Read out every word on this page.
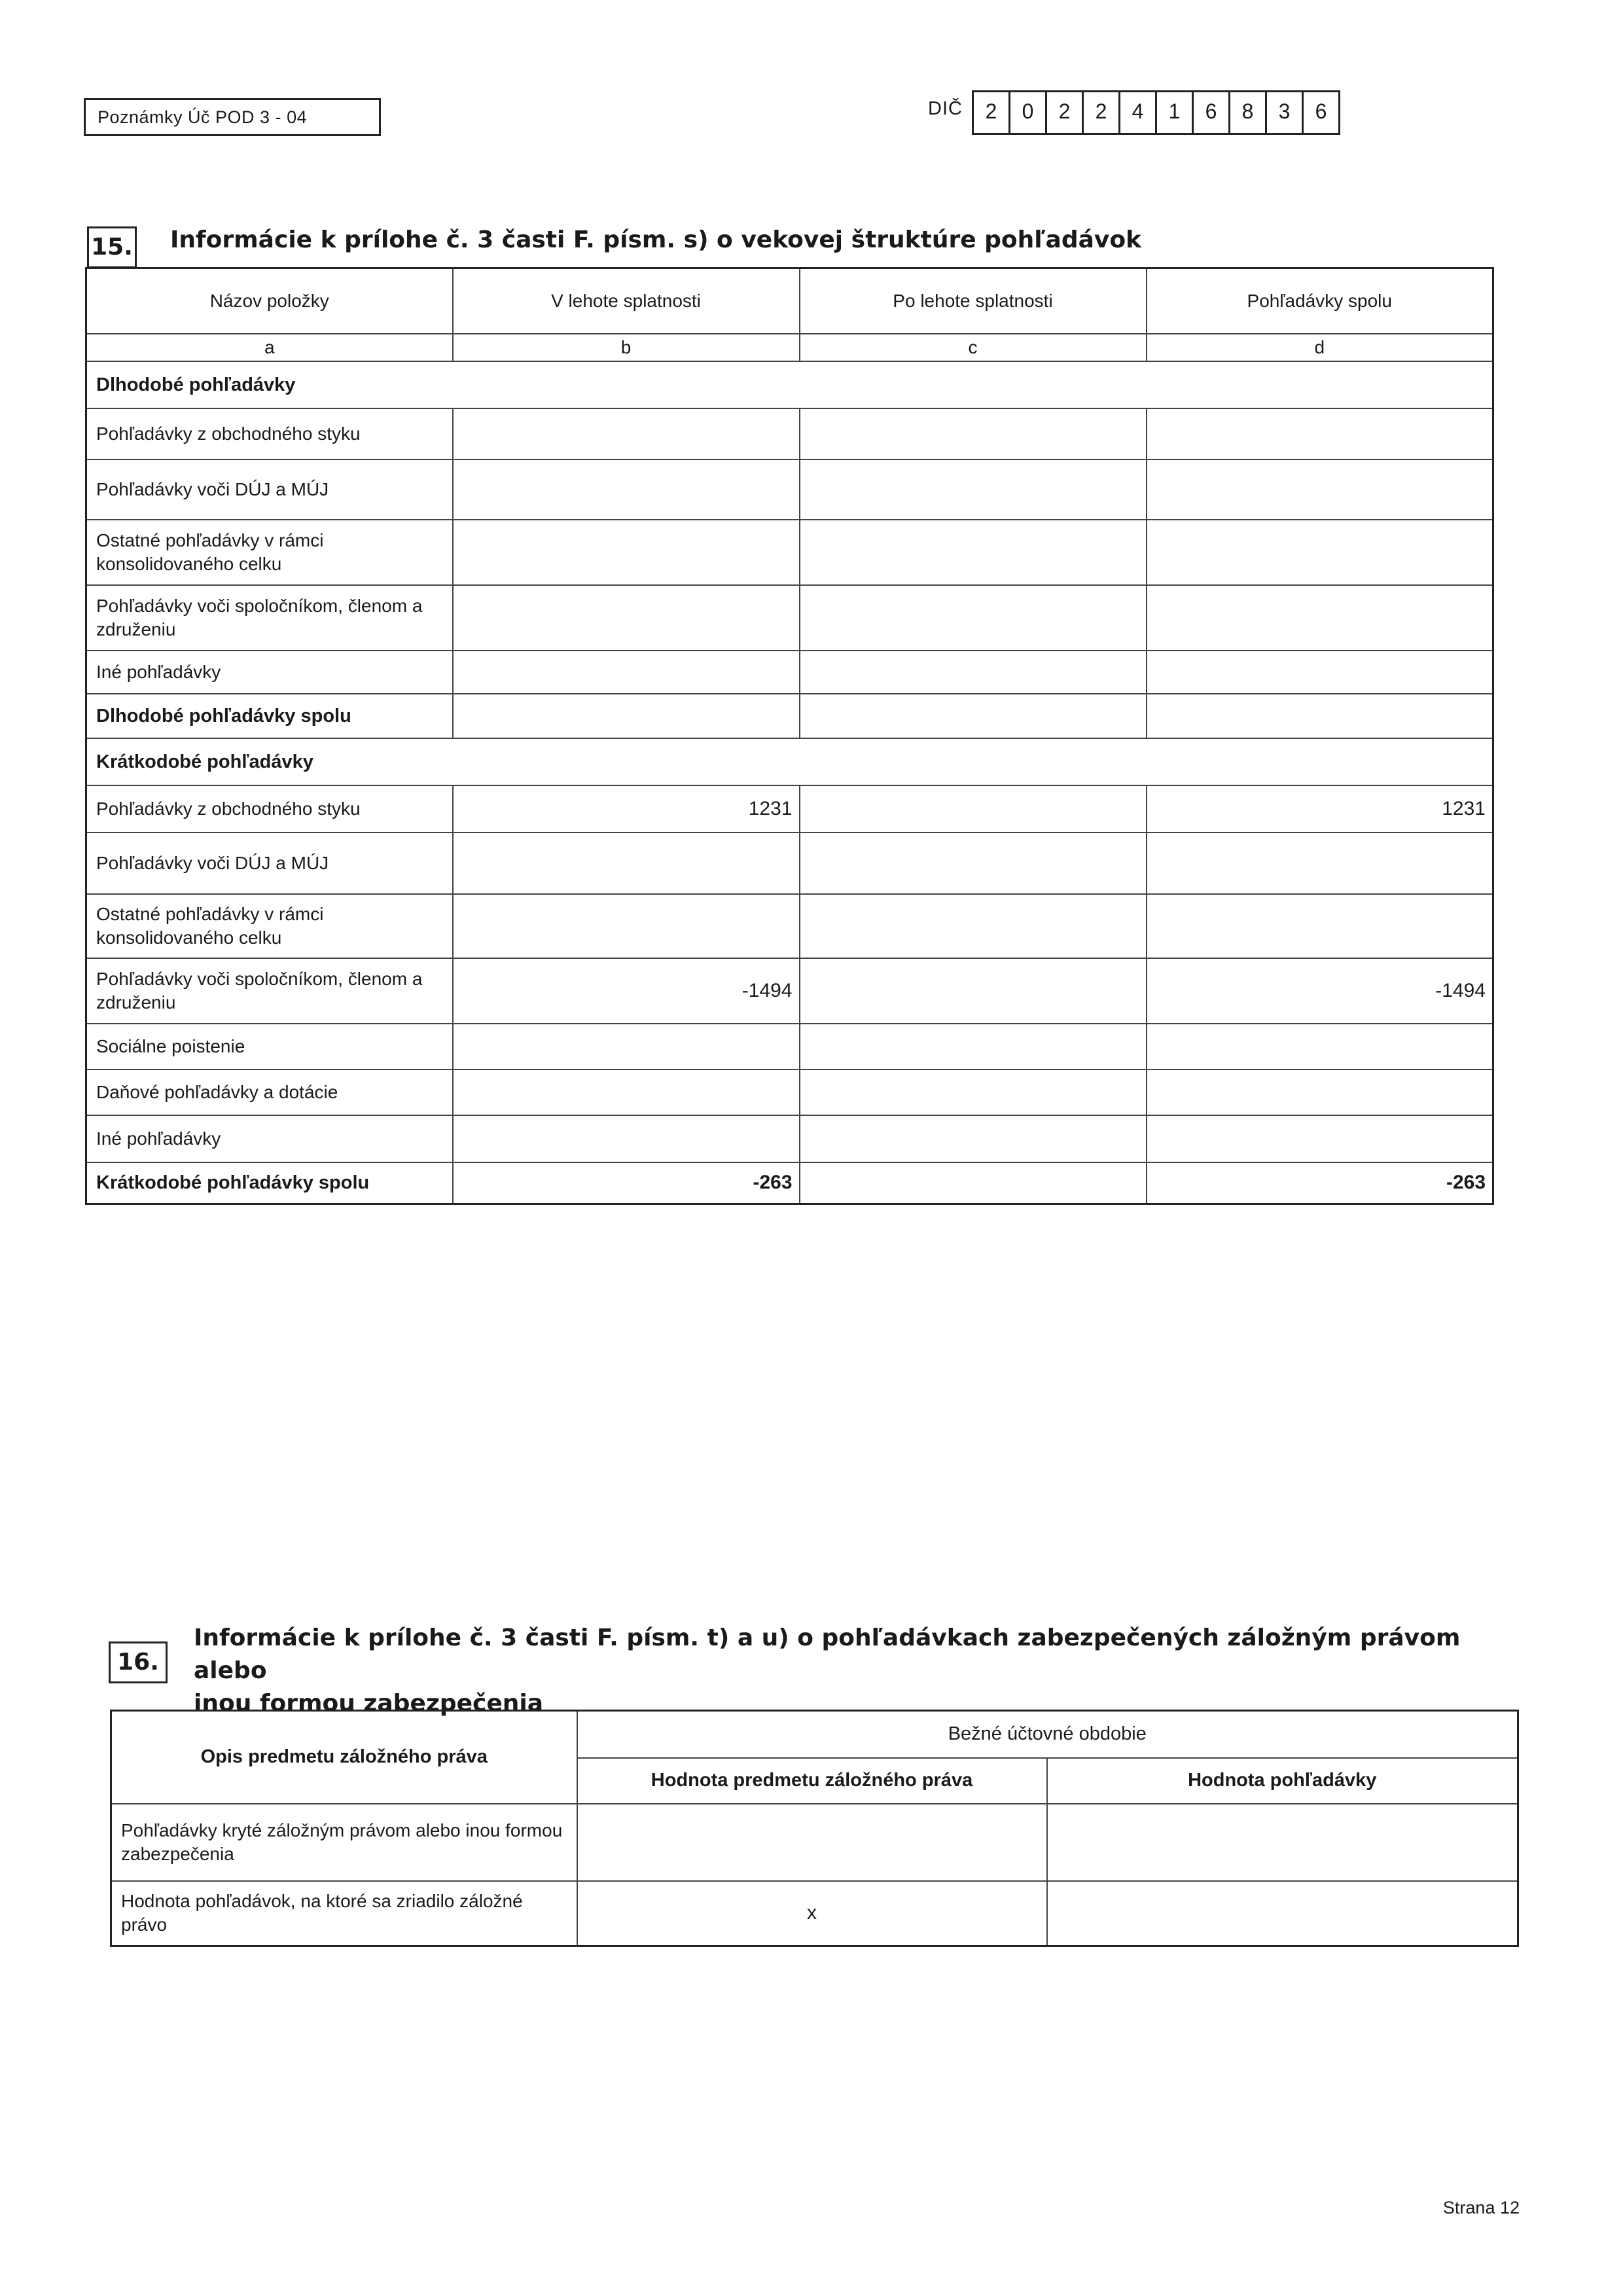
Poznámky Úč POD 3 - 04	DIČ	2	0	2	2	4	1	6	8	3	6
15. Informácie k prílohe č. 3 časti F. písm. s) o vekovej štruktúre pohľadávok
Názov položky	V lehote splatnosti	Po lehote splatnosti	Pohľadávky spolu
a	b	c	d
Dlhodobé pohľadávky			
Pohľadávky z obchodného styku			
Pohľadávky voči DÚJ a MÚJ			
Ostatné pohľadávky v rámci konsolidovaného celku			
Pohľadávky voči spoločníkom, členom a združeniu			
Iné pohľadávky			
Dlhodobé pohľadávky spolu			
Krátkodobé pohľadávky			
Pohľadávky z obchodného styku	1231		1231
Pohľadávky voči DÚJ a MÚJ			
Ostatné pohľadávky v rámci konsolidovaného celku			
Pohľadávky voči spoločníkom, členom a združeniu	-1494		-1494
Sociálne poistenie			
Daňové pohľadávky a dotácie			
Iné pohľadávky			
Krátkodobé pohľadávky spolu	-263		-263
16.
Informácie k prílohe č. 3 časti F. písm. t) a u) o pohľadávkach zabezpečených záložným právom alebo
inou formou zabezpečenia
Opis predmetu záložného práva	Bežné účtovné obdobie	
	Hodnota predmetu záložného práva	Hodnota pohľadávky
Pohľadávky kryté záložným právom alebo inou formou zabezpečenia		
Hodnota pohľadávok, na ktoré sa zriadilo záložné právo	x	
Strana 12
